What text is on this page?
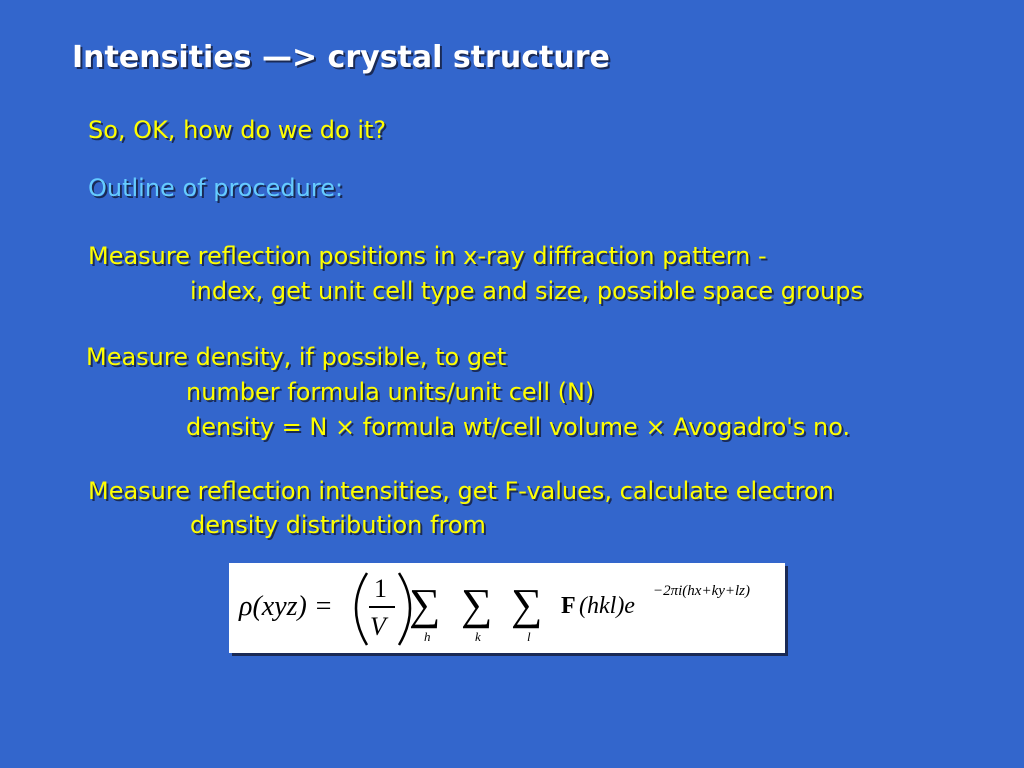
Intensities —> crystal structure
So, OK, how do we do it?
Outline of procedure:
Measure reflection positions in x-ray diffraction pattern -
index, get unit cell type and size, possible space groups
Measure density, if possible, to get
number formula units/unit cell (N)
density = N × formula wt/cell volume × Avogadro's no.
Measure reflection intensities, get F-values, calculate electron
density distribution from
ρ(xyz) =
1
V ∑
h
∑
k
∑
l
F (hkl)e
−2πi(hx+ky+lz)
